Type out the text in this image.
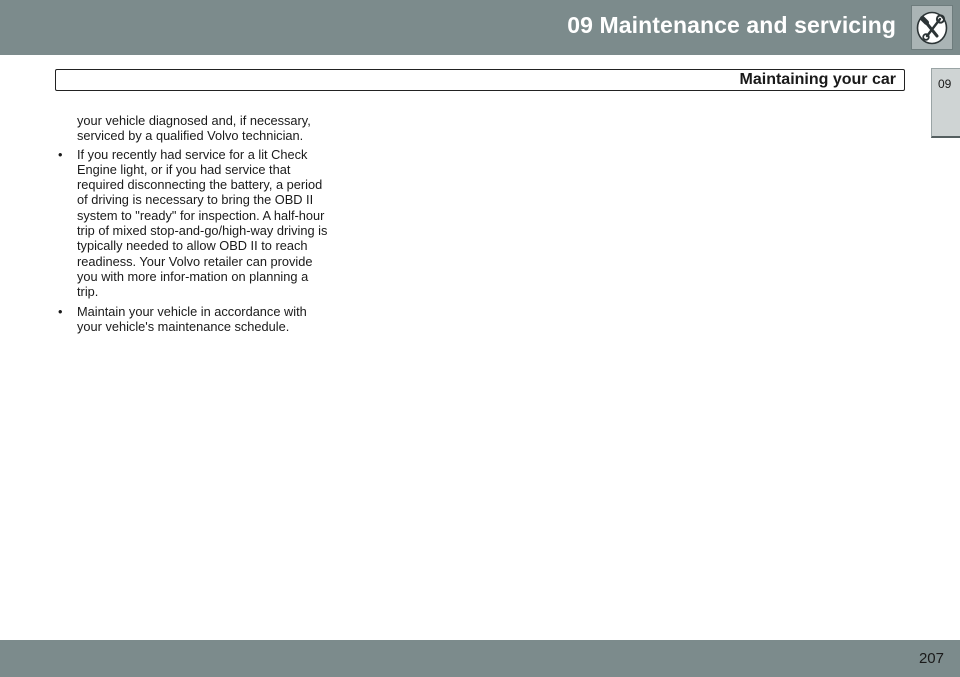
09 Maintenance and servicing
Maintaining your car	09

your vehicle diagnosed and, if necessary, serviced by a qualified Volvo technician.

• If you recently had service for a lit Check Engine light, or if you had service that required disconnecting the battery, a period of driving is necessary to bring the OBD II system to "ready" for inspection. A half-hour trip of mixed stop-and-go/high-way driving is typically needed to allow OBD II to reach readiness. Your Volvo retailer can provide you with more infor-mation on planning a trip.
• Maintain your vehicle in accordance with your vehicle's maintenance schedule.
207
